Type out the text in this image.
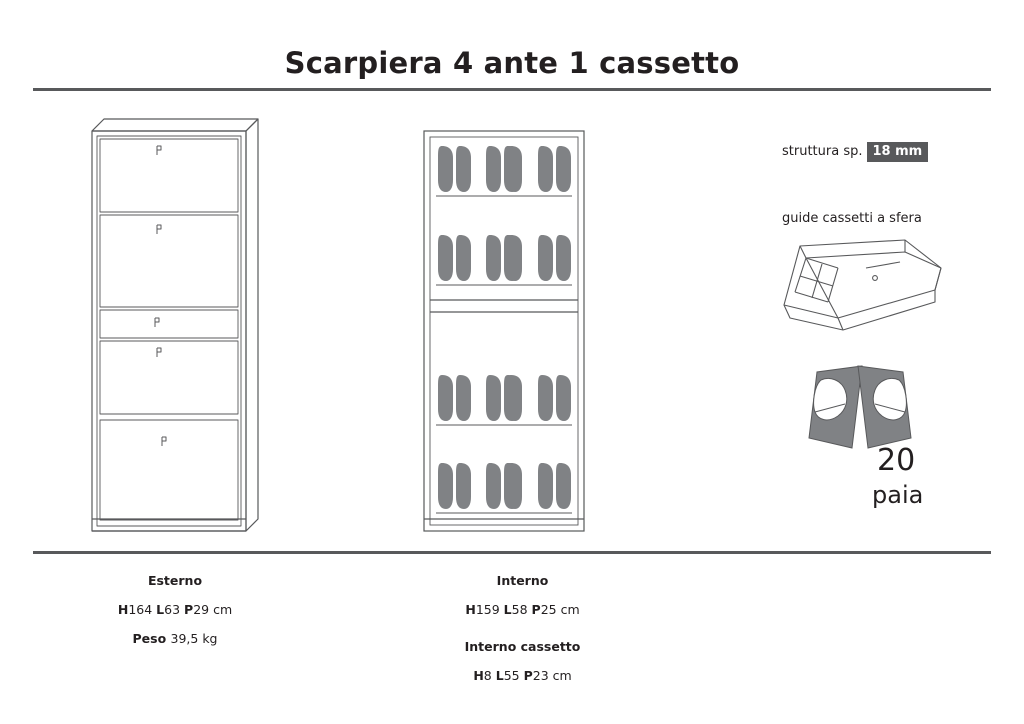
Scarpiera 4 ante 1 cassetto
struttura sp. 18 mm
guide cassetti a sfera
20
paia
Esterno
H164 L63 P29 cm
Peso 39,5 kg
Interno
H159 L58 P25 cm
Interno cassetto
H8 L55 P23 cm
